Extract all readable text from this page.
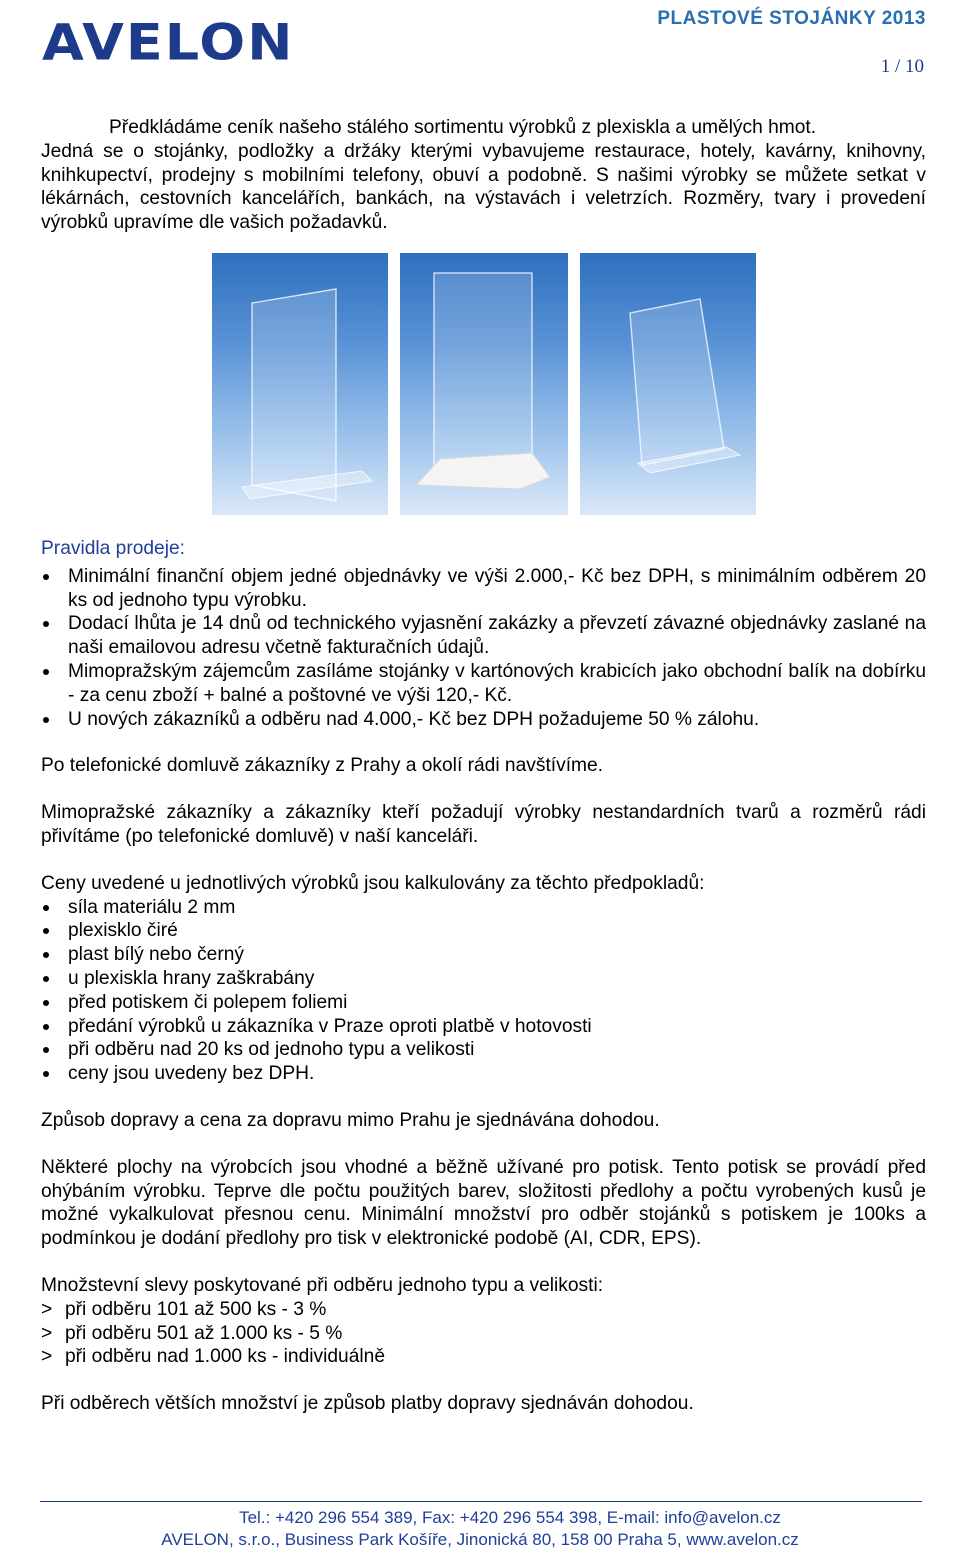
AVELON	PLASTOVÉ STOJÁNKY 2013
1 / 10

Předkládáme ceník našeho stálého sortimentu výrobků z plexiskla a umělých hmot.
Jedná se o stojánky, podložky a držáky kterými vybavujeme restaurace, hotely, kavárny, knihovny, knihkupectví, prodejny s mobilními telefony, obuví a podobně. S našimi výrobky se můžete setkat v lékárnách, cestovních kancelářích, bankách, na výstavách i veletrzích. Rozměry, tvary i provedení výrobků upravíme dle vašich požadavků.

Pravidla prodeje:

Minimální finanční objem jedné objednávky ve výši 2.000,- Kč bez DPH, s minimálním odběrem 20 ks od jednoho typu výrobku.
Dodací lhůta je 14 dnů od technického vyjasnění zakázky a převzetí závazné objednávky zaslané na naši emailovou adresu včetně fakturačních údajů.
Mimopražským zájemcům zasíláme stojánky v kartónových krabicích jako obchodní balík na dobírku - za cenu zboží + balné a poštovné ve výši 120,- Kč.
U nových zákazníků a odběru nad 4.000,- Kč bez DPH požadujeme 50 % zálohu.

Po telefonické domluvě zákazníky z Prahy a okolí rádi navštívíme.

Mimopražské zákazníky a zákazníky kteří požadují výrobky nestandardních tvarů a rozměrů rádi přivítáme (po telefonické domluvě) v naší kanceláři.

Ceny uvedené u jednotlivých výrobků jsou kalkulovány za těchto předpokladů:

síla materiálu 2 mm
plexisklo čiré
plast bílý nebo černý
u plexiskla hrany zaškrabány
před potiskem či polepem foliemi
předání výrobků u zákazníka v Praze oproti platbě v hotovosti
při odběru nad 20 ks od jednoho typu a velikosti
ceny jsou uvedeny bez DPH.

Způsob dopravy a cena za dopravu mimo Prahu je sjednávána dohodou.

Některé plochy na výrobcích jsou vhodné a běžně užívané pro potisk. Tento potisk se provádí před ohýbáním výrobku. Teprve dle počtu použitých barev, složitosti předlohy a počtu vyrobených kusů je možné vykalkulovat přesnou cenu. Minimální množství pro odběr stojánků s potiskem je 100ks a podmínkou je dodání předlohy pro tisk v elektronické podobě (AI, CDR, EPS).

Množstevní slevy poskytované při odběru jednoho typu a velikosti:

> při odběru 101 až 500 ks - 3 %

> při odběru 501 až 1.000 ks - 5 %

> při odběru nad 1.000 ks - individuálně

Při odběrech větších množství je způsob platby dopravy sjednáván dohodou.

Tel.: +420 296 554 389, Fax: +420 296 554 398, E-mail: info@avelon.cz
AVELON, s.r.o., Business Park Košíře, Jinonická 80, 158 00 Praha 5, www.avelon.cz
